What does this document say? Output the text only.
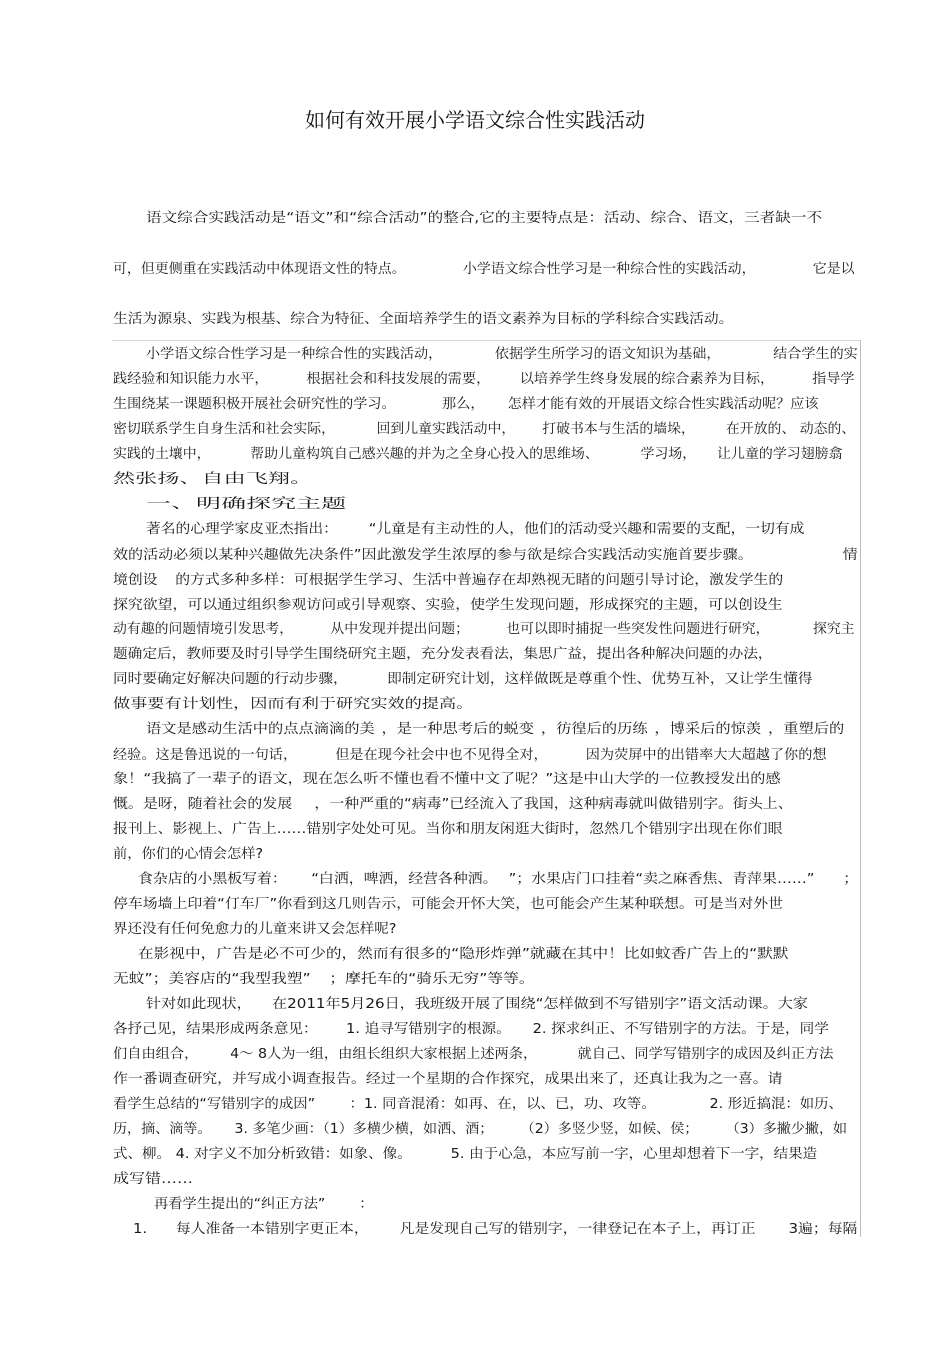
如何有效开展小学语文综合性实践活动
语文综合实践活动是“语文”和“综合活动”的整合,它的主要特点是：活动、综合、语文，三者缺一不
可，但更侧重在实践活动中体现语文性的特点。	小学语文综合性学习是一种综合性的实践活动，	它是以
生活为源泉、实践为根基、综合为特征、全面培养学生的语文素养为目标的学科综合实践活动。
小学语文综合性学习是一种综合性的实践活动，	依据学生所学习的语文知识为基础，	结合学生的实
践经验和知识能力水平，	根据社会和科技发展的需要， 以培养学生终身发展的综合素养为目标，	指导学
生围绕某一课题积极开展社会研究性的学习。	那么， 怎样才能有效的开展语文综合性实践活动呢？应该
密切联系学生自身生活和社会实际，	回到儿童实践活动中， 打破书本与生活的墙垛， 在开放的、 动态的、
实践的土壤中，	帮助儿童构筑自己感兴趣的并为之全身心投入的思维场、	学习场， 让儿童的学习翅膀翕
然张扬、自由飞翔。
一、明确探究主题
著名的心理学家皮亚杰指出： “儿童是有主动性的人，他们的活动受兴趣和需要的支配，一切有成
效的活动必须以某种兴趣做先决条件”因此激发学生浓厚的参与欲是综合实践活动实施首要步骤。	情
境创设 的方式多种多样：可根据学生学习、生活中普遍存在却熟视无睹的问题引导讨论，激发学生的
探究欲望，可以通过组织参观访问或引导观察、实验，使学生发现问题，形成探究的主题，可以创设生
动有趣的问题情境引发思考，	从中发现并提出问题；	也可以即时捕捉一些突发性问题进行研究，	探究主
题确定后，教师要及时引导学生围绕研究主题，充分发表看法，集思广益，提出各种解决问题的办法，
同时要确定好解决问题的行动步骤，	即制定研究计划，这样做既是尊重个性、优势互补，又让学生懂得
做事要有计划性，因而有利于研究实效的提高。
语文是感动生活中的点点滴滴的美 ，是一种思考后的蜕变 ，彷徨后的历练 ，博采后的惊羡 ，重塑后的
经验。这是鲁迅说的一句话，	但是在现今社会中也不见得全对，	因为荧屏中的出错率大大超越了你的想
象！“我搞了一辈子的语文，现在怎么听不懂也看不懂中文了呢？”这是中山大学的一位教授发出的感
慨。是呀，随着社会的发展 ，一种严重的“病毒”已经流入了我国，这种病毒就叫做错别字。街头上、
报刊上、影视上、广告上……错别字处处可见。当你和朋友闲逛大街时，忽然几个错别字出现在你们眼
前，你们的心情会怎样?
食杂店的小黑板写着： “白洒，啤洒，经营各种洒。 ”；水果店门口挂着“卖之麻香焦、青萍果……” ；
停车场墙上印着“仃车厂”你看到这几则告示，可能会开怀大笑，也可能会产生某种联想。可是当对外世
界还没有任何免愈力的儿童来讲又会怎样呢?
在影视中，广告是必不可少的，然而有很多的“隐形炸弹”就藏在其中！比如蚊香广告上的“默默
无蚊”；美容店的“我型我塑” ；摩托车的“骑乐无穷”等等。
针对如此现状， 在2011年5月26日，我班级开展了围绕“怎样做到不写错别字”语文活动课。大家
各抒己见，结果形成两条意见： 1. 追寻写错别字的根源。 2. 探求纠正、不写错别字的方法。于是，同学
们自由组合， 4～ 8人为一组，由组长组织大家根据上述两条，	就自己、同学写错别字的成因及纠正方法
作一番调查研究，并写成小调查报告。经过一个星期的合作探究，成果出来了，还真让我为之一喜。请
看学生总结的“写错别字的成因”	：1. 同音混淆：如再、在，以、已，功、攻等。	2. 形近搞混：如历、
历，摘、滴等。 3. 多笔少画：（1）多横少横，如洒、酒； （2）多竖少竖，如候、侯； （3）多撇少撇，如
式、柳。 4. 对字义不加分析致错：如象、像。	5. 由于心急，本应写前一字，心里却想着下一字，结果造
成写错……
再看学生提出的“纠正方法”	：
1. 每人准备一本错别字更正本， 凡是发现自己写的错别字，一律登记在本子上，再订正 3遍；每隔
